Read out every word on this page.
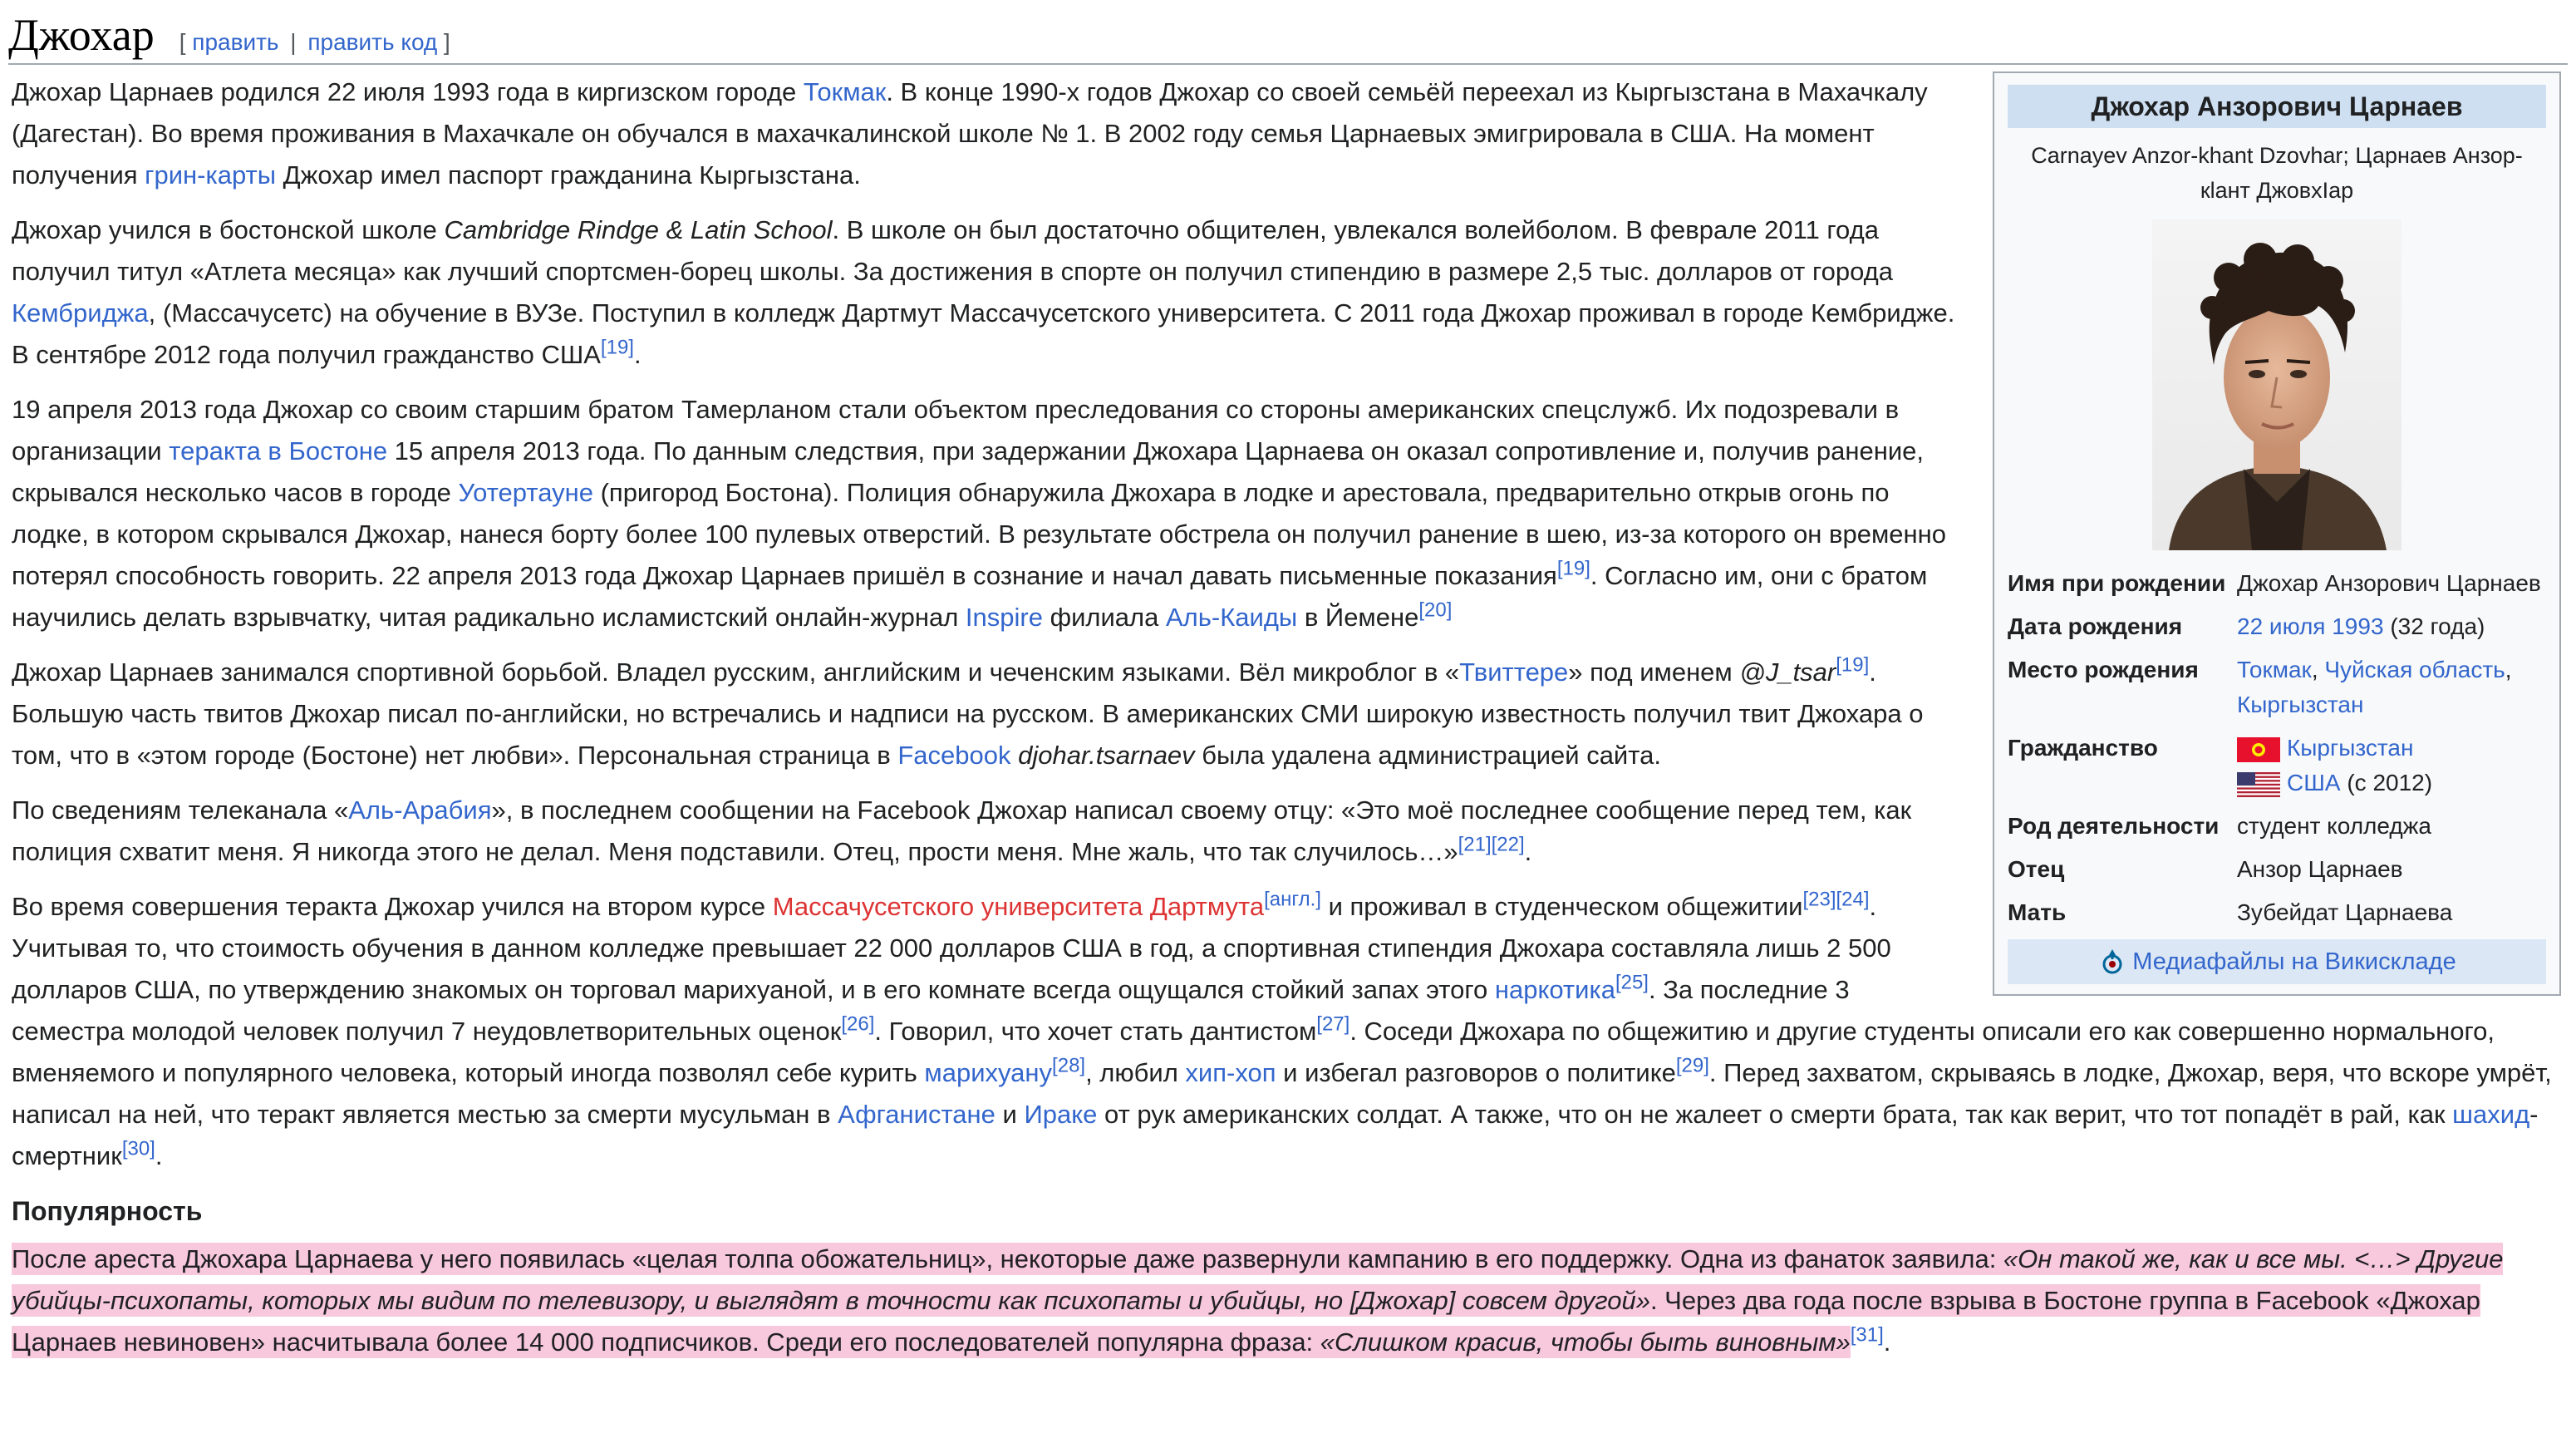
Джохар [ править | править код ]
Джохар Анзорович Царнаев
Carnayev Anzor-khant Dzovhar; Царнаев Анзор-кlант ДжовхIар
Имя при рождении	Джохар Анзорович Царнаев
Дата рождения	22 июля 1993 (32 года)
Место рождения	Токмак, Чуйская область, Кыргызстан
Гражданство	Кыргызстан
США (с 2012)

Род деятельности	студент колледжа
Отец	Анзор Царнаев
Мать	Зубейдат Царнаева
Медиафайлы на Викискладе

Джохар Царнаев родился 22 июля 1993 года в киргизском городе Токмак. В конце 1990-х годов Джохар со своей семьёй переехал из Кыргызстана в Махачкалу (Дагестан). Во время проживания в Махачкале он обучался в махачкалинской школе № 1. В 2002 году семья Царнаевых эмигрировала в США. На момент получения грин-карты Джохар имел паспорт гражданина Кыргызстана.

Джохар учился в бостонской школе Cambridge Rindge & Latin School. В школе он был достаточно общителен, увлекался волейболом. В феврале 2011 года получил титул «Атлета месяца» как лучший спортсмен-борец школы. За достижения в спорте он получил стипендию в размере 2,5 тыс. долларов от города Кембриджа, (Массачусетс) на обучение в ВУЗе. Поступил в колледж Дартмут Массачусетского университета. С 2011 года Джохар проживал в городе Кембридже. В сентябре 2012 года получил гражданство США[19].

19 апреля 2013 года Джохар со своим старшим братом Тамерланом стали объектом преследования со стороны американских спецслужб. Их подозревали в организации теракта в Бостоне 15 апреля 2013 года. По данным следствия, при задержании Джохара Царнаева он оказал сопротивление и, получив ранение, скрывался несколько часов в городе Уотертауне (пригород Бостона). Полиция обнаружила Джохара в лодке и арестовала, предварительно открыв огонь по лодке, в котором скрывался Джохар, нанеся борту более 100 пулевых отверстий. В результате обстрела он получил ранение в шею, из-за которого он временно потерял способность говорить. 22 апреля 2013 года Джохар Царнаев пришёл в сознание и начал давать письменные показания[19]. Согласно им, они с братом научились делать взрывчатку, читая радикально исламистский онлайн-журнал Inspire филиала Аль-Каиды в Йемене[20]

Джохар Царнаев занимался спортивной борьбой. Владел русским, английским и чеченским языками. Вёл микроблог в «Твиттере» под именем @J_tsar[19]. Большую часть твитов Джохар писал по-английски, но встречались и надписи на русском. В американских СМИ широкую известность получил твит Джохара о том, что в «этом городе (Бостоне) нет любви». Персональная страница в Facebook djohar.tsarnaev была удалена администрацией сайта.

По сведениям телеканала «Аль-Арабия», в последнем сообщении на Facebook Джохар написал своему отцу: «Это моё последнее сообщение перед тем, как полиция схватит меня. Я никогда этого не делал. Меня подставили. Отец, прости меня. Мне жаль, что так случилось…»[21][22].

Во время совершения теракта Джохар учился на втором курсе Массачусетского университета Дартмута[англ.] и проживал в студенческом общежитии[23][24]. Учитывая то, что стоимость обучения в данном колледже превышает 22 000 долларов США в год, а спортивная стипендия Джохара составляла лишь 2 500 долларов США, по утверждению знакомых он торговал марихуаной, и в его комнате всегда ощущался стойкий запах этого наркотика[25]. За последние 3 семестра молодой человек получил 7 неудовлетворительных оценок[26]. Говорил, что хочет стать дантистом[27]. Соседи Джохара по общежитию и другие студенты описали его как совершенно нормального, вменяемого и популярного человека, который иногда позволял себе курить марихуану[28], любил хип-хоп и избегал разговоров о политике[29]. Перед захватом, скрываясь в лодке, Джохар, веря, что вскоре умрёт, написал на ней, что теракт является местью за смерти мусульман в Афганистане и Ираке от рук американских солдат. А также, что он не жалеет о смерти брата, так как верит, что тот попадёт в рай, как шахид-смертник[30].

Популярность

После ареста Джохара Царнаева у него появилась «целая толпа обожательниц», некоторые даже развернули кампанию в его поддержку. Одна из фанаток заявила: «Он такой же, как и все мы. <…> Другие убийцы-психопаты, которых мы видим по телевизору, и выглядят в точности как психопаты и убийцы, но [Джохар] совсем другой». Через два года после взрыва в Бостоне группа в Facebook «Джохар Царнаев невиновен» насчитывала более 14 000 подписчиков. Среди его последователей популярна фраза: «Слишком красив, чтобы быть виновным»[31].
